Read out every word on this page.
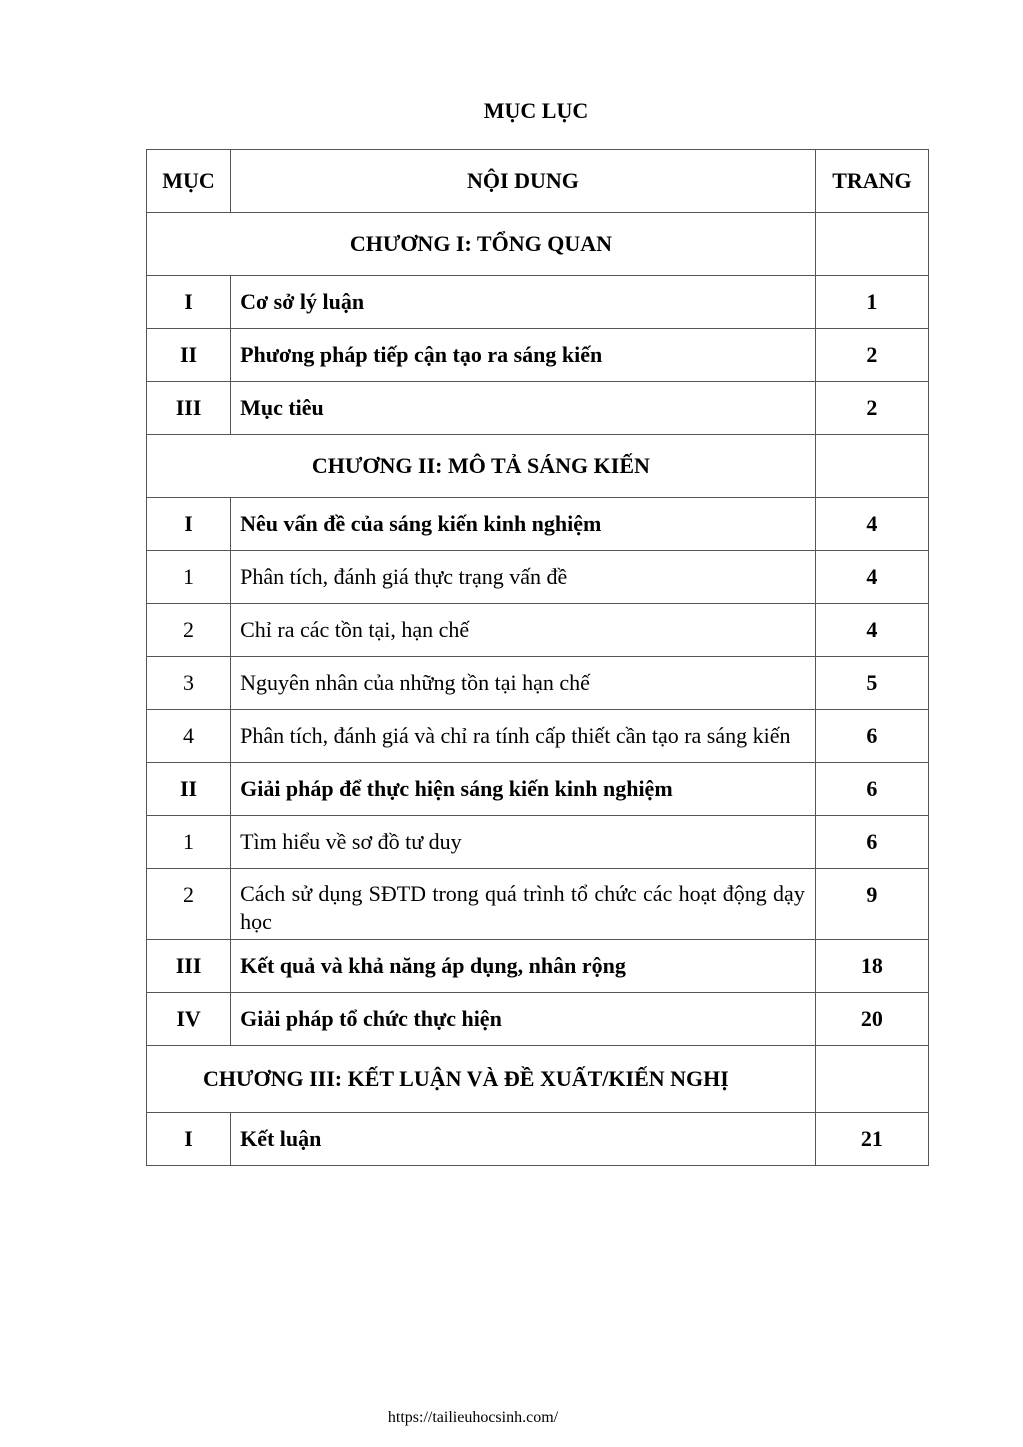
MỤC LỤC
MỤC	NỘI DUNG	TRANG
CHƯƠNG I: TỔNG QUAN		
I	Cơ sở lý luận	1
II	Phương pháp tiếp cận tạo ra sáng kiến	2
III	Mục tiêu	2
CHƯƠNG II: MÔ TẢ SÁNG KIẾN		
I	Nêu vấn đề của sáng kiến kinh nghiệm	4
1	Phân tích, đánh giá thực trạng vấn đề	4
2	Chỉ ra các tồn tại, hạn chế	4
3	Nguyên nhân của những tồn tại hạn chế	5
4	Phân tích, đánh giá và chỉ ra tính cấp thiết cần tạo ra sáng kiến	6
II	Giải pháp để thực hiện sáng kiến kinh nghiệm	6
1	Tìm hiểu về sơ đồ tư duy	6
2	Cách sử dụng SĐTD trong quá trình tổ chức các hoạt động dạy học	9
III	Kết quả và khả năng áp dụng, nhân rộng	18
IV	Giải pháp tổ chức thực hiện	20
CHƯƠNG III: KẾT LUẬN VÀ ĐỀ XUẤT/KIẾN NGHỊ		
I	Kết luận	21
https://tailieuhocsinh.com/
